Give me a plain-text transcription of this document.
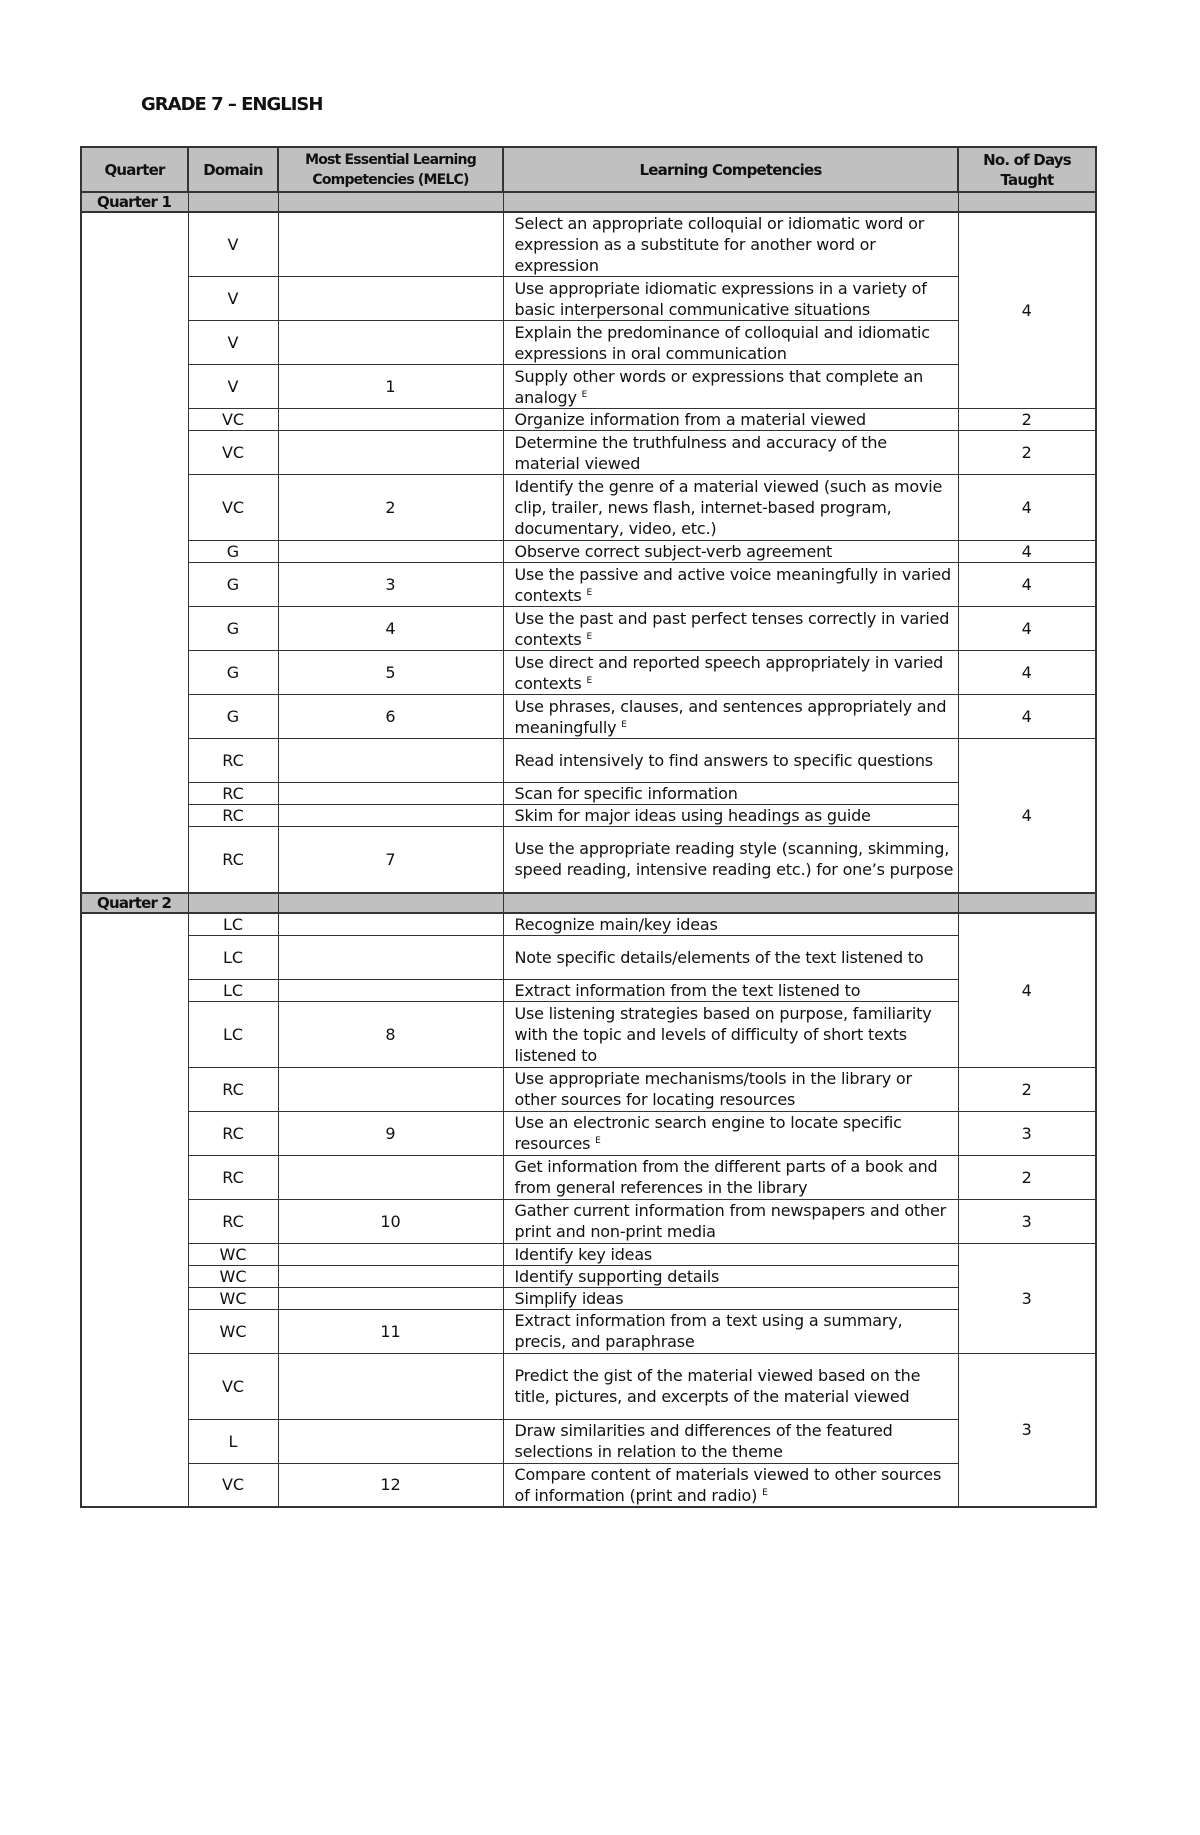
GRADE 7 – ENGLISH
Quarter	Domain	Most Essential Learning Competencies (MELC)	Learning Competencies	No. of Days Taught
Quarter 1				
	V		Select an appropriate colloquial or idiomatic word or expression as a substitute for another word or expression	4
	V		Use appropriate idiomatic expressions in a variety of basic interpersonal communicative situations	
	V		Explain the predominance of colloquial and idiomatic expressions in oral communication	
	V	1	Supply other words or expressions that complete an analogy $^E$
	VC		Organize information from a material viewed	2
	VC		Determine the truthfulness and accuracy of the material viewed	2
	VC	2	Identify the genre of a material viewed (such as movie clip, trailer, news flash, internet-based program, documentary, video, etc.)	4
	G		Observe correct subject-verb agreement	4
	G	3	Use the passive and active voice meaningfully in varied contexts $^E$	4
	G	4	Use the past and past perfect tenses correctly in varied contexts $^E$	4
	G	5	Use direct and reported speech appropriately in varied contexts $^E$	4
	G	6	Use phrases, clauses, and sentences appropriately and meaningfully $^E$	4
	RC		Read intensively to find answers to specific questions	4
	RC		Scan for specific information	
	RC		Skim for major ideas using headings as guide	
	RC	7	Use the appropriate reading style (scanning, skimming, speed reading, intensive reading etc.) for one’s purpose	
Quarter 2				
	LC		Recognize main/key ideas	4
	LC		Note specific details/elements of the text listened to	
	LC		Extract information from the text listened to	
	LC	8	Use listening strategies based on purpose, familiarity with the topic and levels of difficulty of short texts listened to	
	RC		Use appropriate mechanisms/tools in the library or other sources for locating resources	2
	RC	9	Use an electronic search engine to locate specific resources $^E$	3
	RC		Get information from the different parts of a book and from general references in the library	2
	RC	10	Gather current information from newspapers and other print and non-print media	3
	WC		Identify key ideas	3
	WC		Identify supporting details	
	WC		Simplify ideas	
	WC	11	Extract information from a text using a summary, precis, and paraphrase	
	VC		Predict the gist of the material viewed based on the title, pictures, and excerpts of the material viewed	3
	L		Draw similarities and differences of the featured selections in relation to the theme	
	VC	12	Compare content of materials viewed to other sources of information (print and radio) $^E$
